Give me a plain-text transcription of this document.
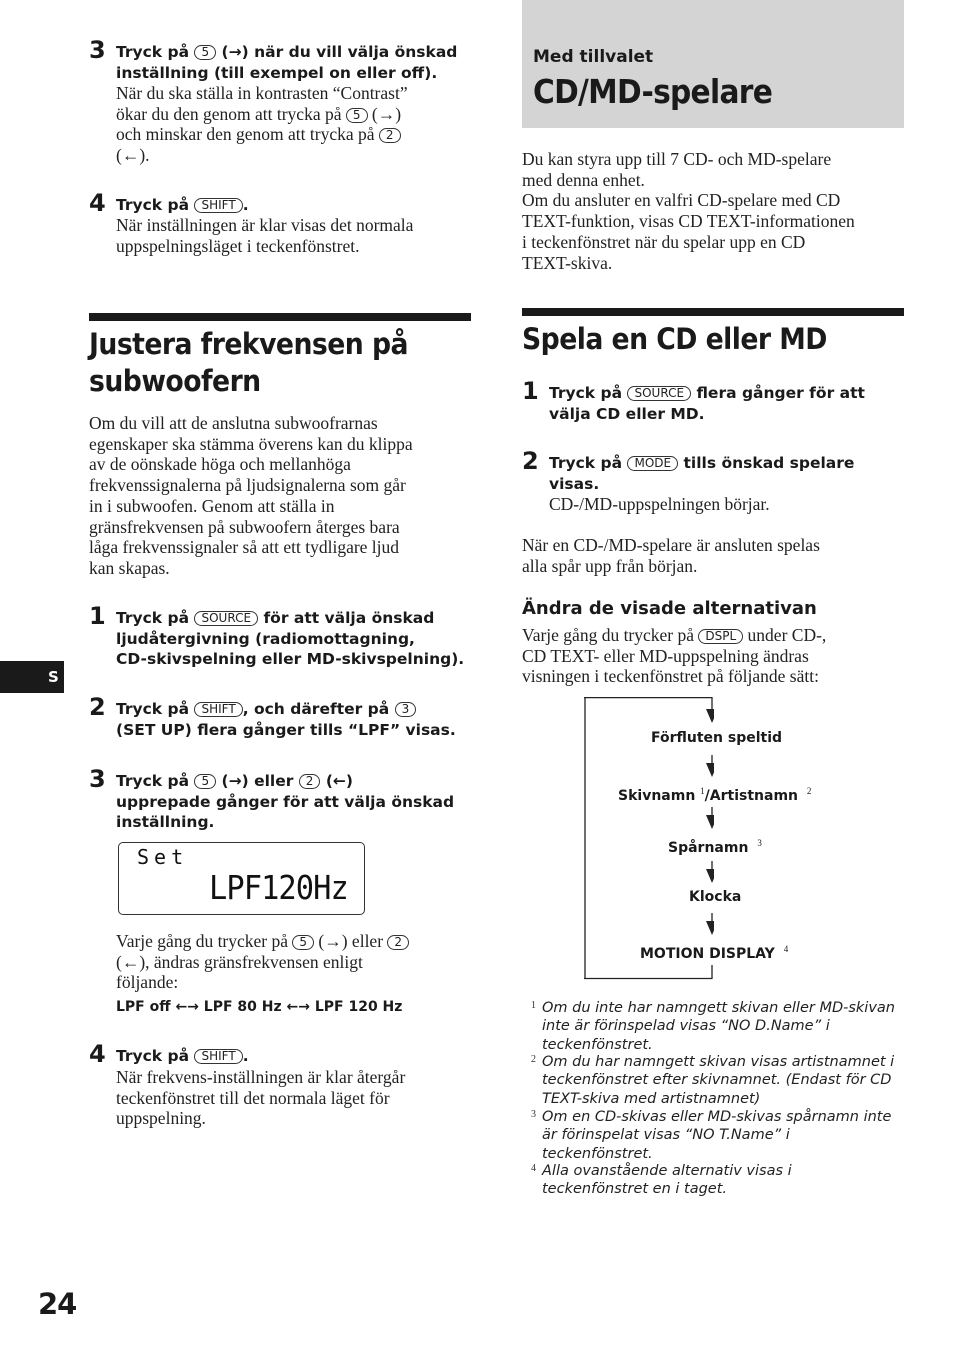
3 Tryck på 5 (→) när du vill välja önskad
inställning (till exempel on eller off).
När du ska ställa in kontrasten “Contrast”
ökar du den genom att trycka på 5 (→)
och minskar den genom att trycka på 2
(←).
4 Tryck på SHIFT .
När inställningen är klar visas det normala
uppspelningsläget i teckenfönstret.
Justera frekvensen på
subwoofern
Om du vill att de anslutna subwoofrarnas
egenskaper ska stämma överens kan du klippa
av de oönskade höga och mellanhöga
frekvenssignalerna på ljudsignalerna som går
in i subwoofen. Genom att ställa in
gränsfrekvensen på subwoofern återges bara
låga frekvenssignaler så att ett tydligare ljud
kan skapas.
1 Tryck på SOURCE för att välja önskad
ljudåtergivning (radiomottagning,
CD-skivspelning eller MD-skivspelning).
2 Tryck på SHIFT , och därefter på 3
(SET UP) flera gånger tills “LPF” visas.
3 Tryck på 5 (→) eller 2 (←)
upprepade gånger för att välja önskad
inställning.
Set
LPF120Hz
Varje gång du trycker på 5 (→) eller 2
(←), ändras gränsfrekvensen enligt
följande:
LPF off ←→ LPF 80 Hz ←→ LPF 120 Hz
4 Tryck på SHIFT .
När frekvens-inställningen är klar återgår
teckenfönstret till det normala läget för
uppspelning.
S
24
Med tillvalet
CD/MD-spelare
Du kan styra upp till 7 CD- och MD-spelare
med denna enhet.
Om du ansluter en valfri CD-spelare med CD
TEXT-funktion, visas CD TEXT-informationen
i teckenfönstret när du spelar upp en CD
TEXT-skiva.
Spela en CD eller MD
1 Tryck på SOURCE flera gånger för att
välja CD eller MD.
2 Tryck på MODE tills önskad spelare
visas.
CD-/MD-uppspelningen börjar.
När en CD-/MD-spelare är ansluten spelas
alla spår upp från början.
Ändra de visade alternativan
Varje gång du trycker på DSPL under CD-,
CD TEXT- eller MD-uppspelning ändras
visningen i teckenfönstret på följande sätt:
Förfluten speltid
Skivnamn $^1$/Artistnamn $^2$
Spårnamn $^3$
Klocka
MOTION DISPLAY $^4$
1 Om du inte har namngett skivan eller MD-skivan
inte är förinspelad visas “NO D.Name” i
teckenfönstret.
2 Om du har namngett skivan visas artistnamnet i
teckenfönstret efter skivnamnet. (Endast för CD
TEXT-skiva med artistnamnet)
3 Om en CD-skivas eller MD-skivas spårnamn inte
är förinspelat visas “NO T.Name” i
teckenfönstret.
4 Alla ovanstående alternativ visas i
teckenfönstret en i taget.
